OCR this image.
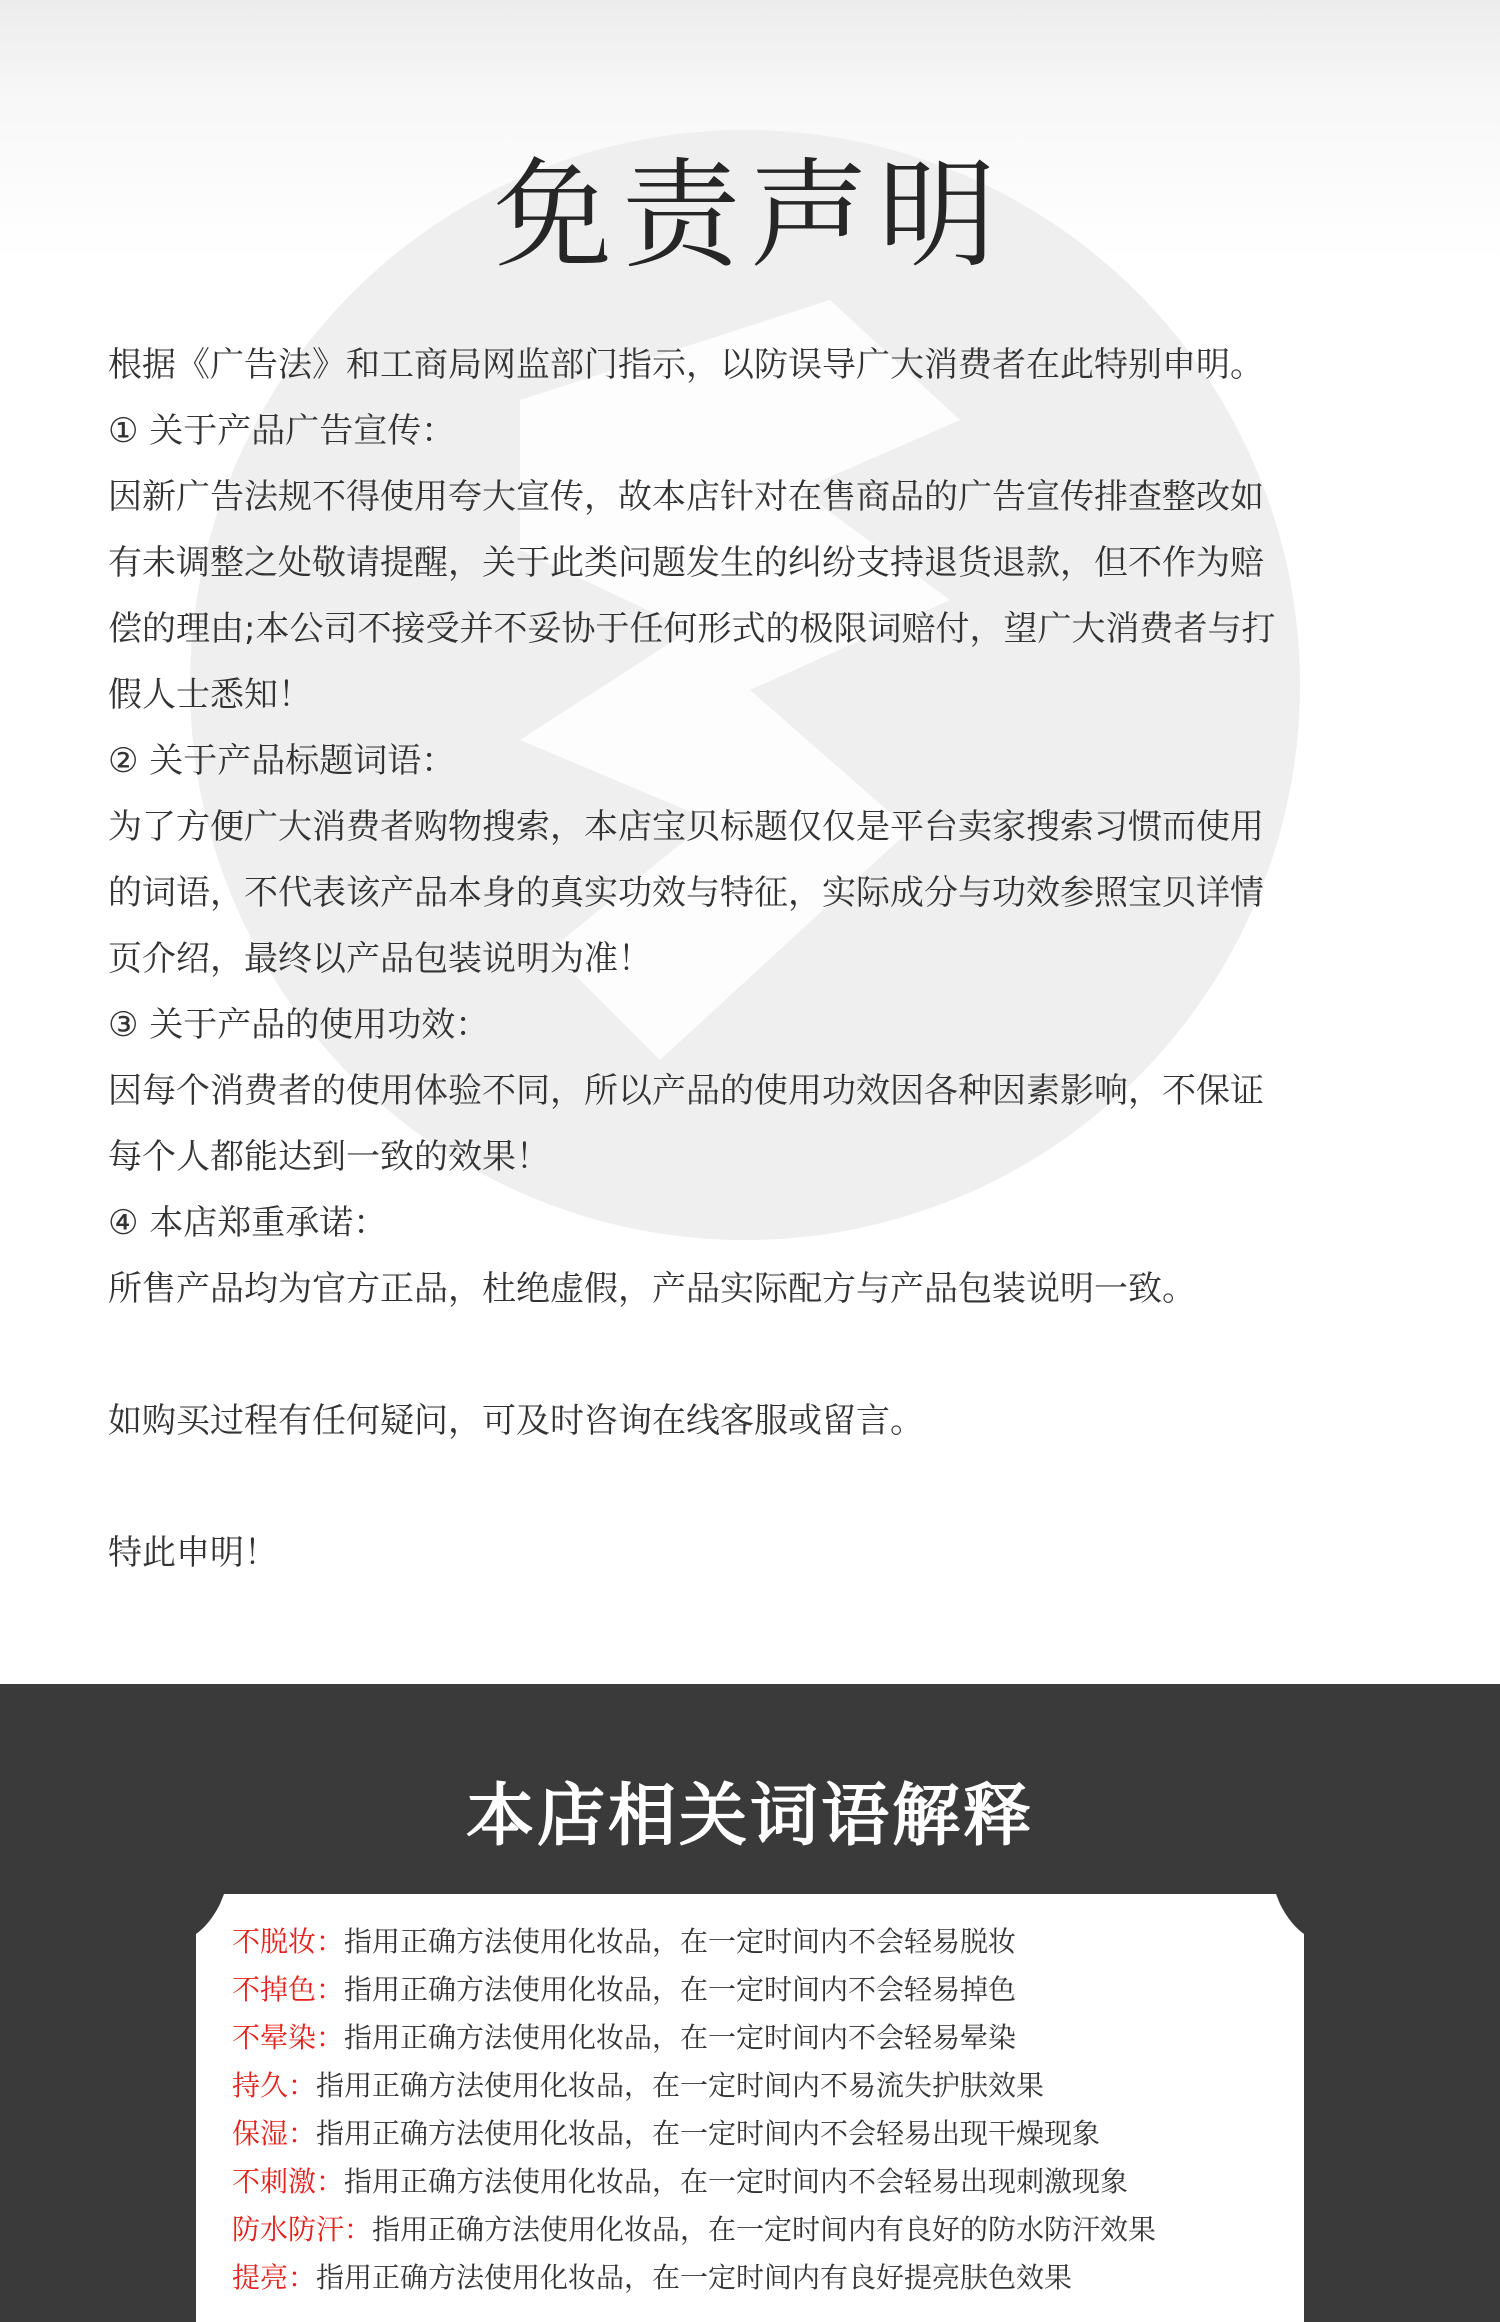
免责声明
根据《广告法》和工商局网监部门指示，以防误导广大消费者在此特别申明。
① 关于产品广告宣传：
因新广告法规不得使用夸大宣传，故本店针对在售商品的广告宣传排查整改如
有未调整之处敬请提醒，关于此类问题发生的纠纷支持退货退款，但不作为赔
偿的理由;本公司不接受并不妥协于任何形式的极限词赔付，望广大消费者与打
假人士悉知！
② 关于产品标题词语：
为了方便广大消费者购物搜索，本店宝贝标题仅仅是平台卖家搜索习惯而使用
的词语，不代表该产品本身的真实功效与特征，实际成分与功效参照宝贝详情
页介绍，最终以产品包装说明为准！
③ 关于产品的使用功效：
因每个消费者的使用体验不同，所以产品的使用功效因各种因素影响，不保证
每个人都能达到一致的效果！
④ 本店郑重承诺：
所售产品均为官方正品，杜绝虚假，产品实际配方与产品包装说明一致。
如购买过程有任何疑问，可及时咨询在线客服或留言。
特此申明！
本店相关词语解释
不脱妆：指用正确方法使用化妆品，在一定时间内不会轻易脱妆
不掉色：指用正确方法使用化妆品，在一定时间内不会轻易掉色
不晕染：指用正确方法使用化妆品，在一定时间内不会轻易晕染
持久：指用正确方法使用化妆品，在一定时间内不易流失护肤效果
保湿：指用正确方法使用化妆品，在一定时间内不会轻易出现干燥现象
不刺激：指用正确方法使用化妆品，在一定时间内不会轻易出现刺激现象
防水防汗：指用正确方法使用化妆品，在一定时间内有良好的防水防汗效果
提亮：指用正确方法使用化妆品，在一定时间内有良好提亮肤色效果
